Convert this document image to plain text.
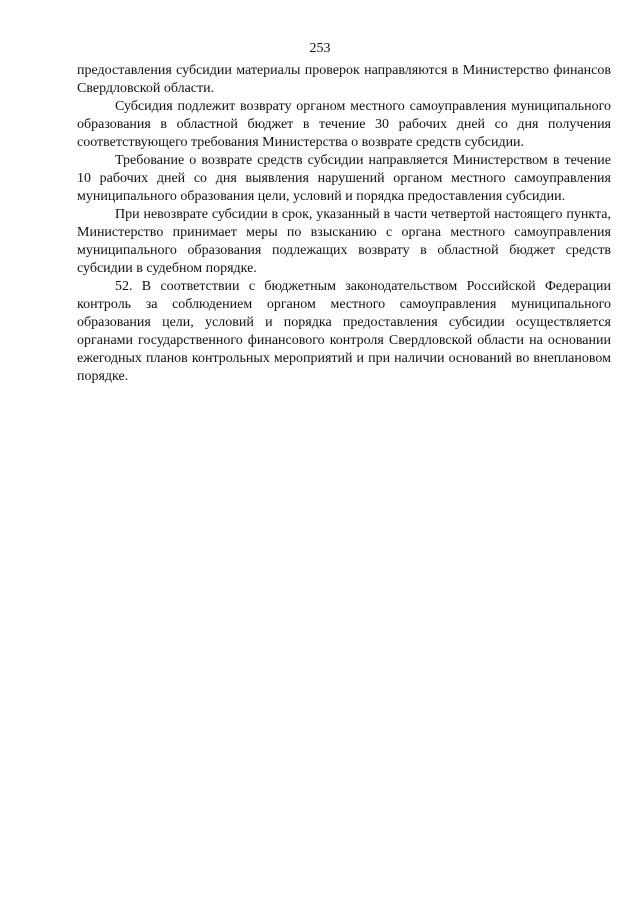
253

предоставления субсидии материалы проверок направляются в Министерство финансов Свердловской области.

Субсидия подлежит возврату органом местного самоуправления муниципального образования в областной бюджет в течение 30 рабочих дней со дня получения соответствующего требования Министерства о возврате средств субсидии.

Требование о возврате средств субсидии направляется Министерством в течение 10 рабочих дней со дня выявления нарушений органом местного самоуправления муниципального образования цели, условий и порядка предоставления субсидии.

При невозврате субсидии в срок, указанный в части четвертой настоящего пункта, Министерство принимает меры по взысканию с органа местного самоуправления муниципального образования подлежащих возврату в областной бюджет средств субсидии в судебном порядке.

52. В соответствии с бюджетным законодательством Российской Федерации контроль за соблюдением органом местного самоуправления муниципального образования цели, условий и порядка предоставления субсидии осуществляется органами государственного финансового контроля Свердловской области на основании ежегодных планов контрольных мероприятий и при наличии оснований во внеплановом порядке.
